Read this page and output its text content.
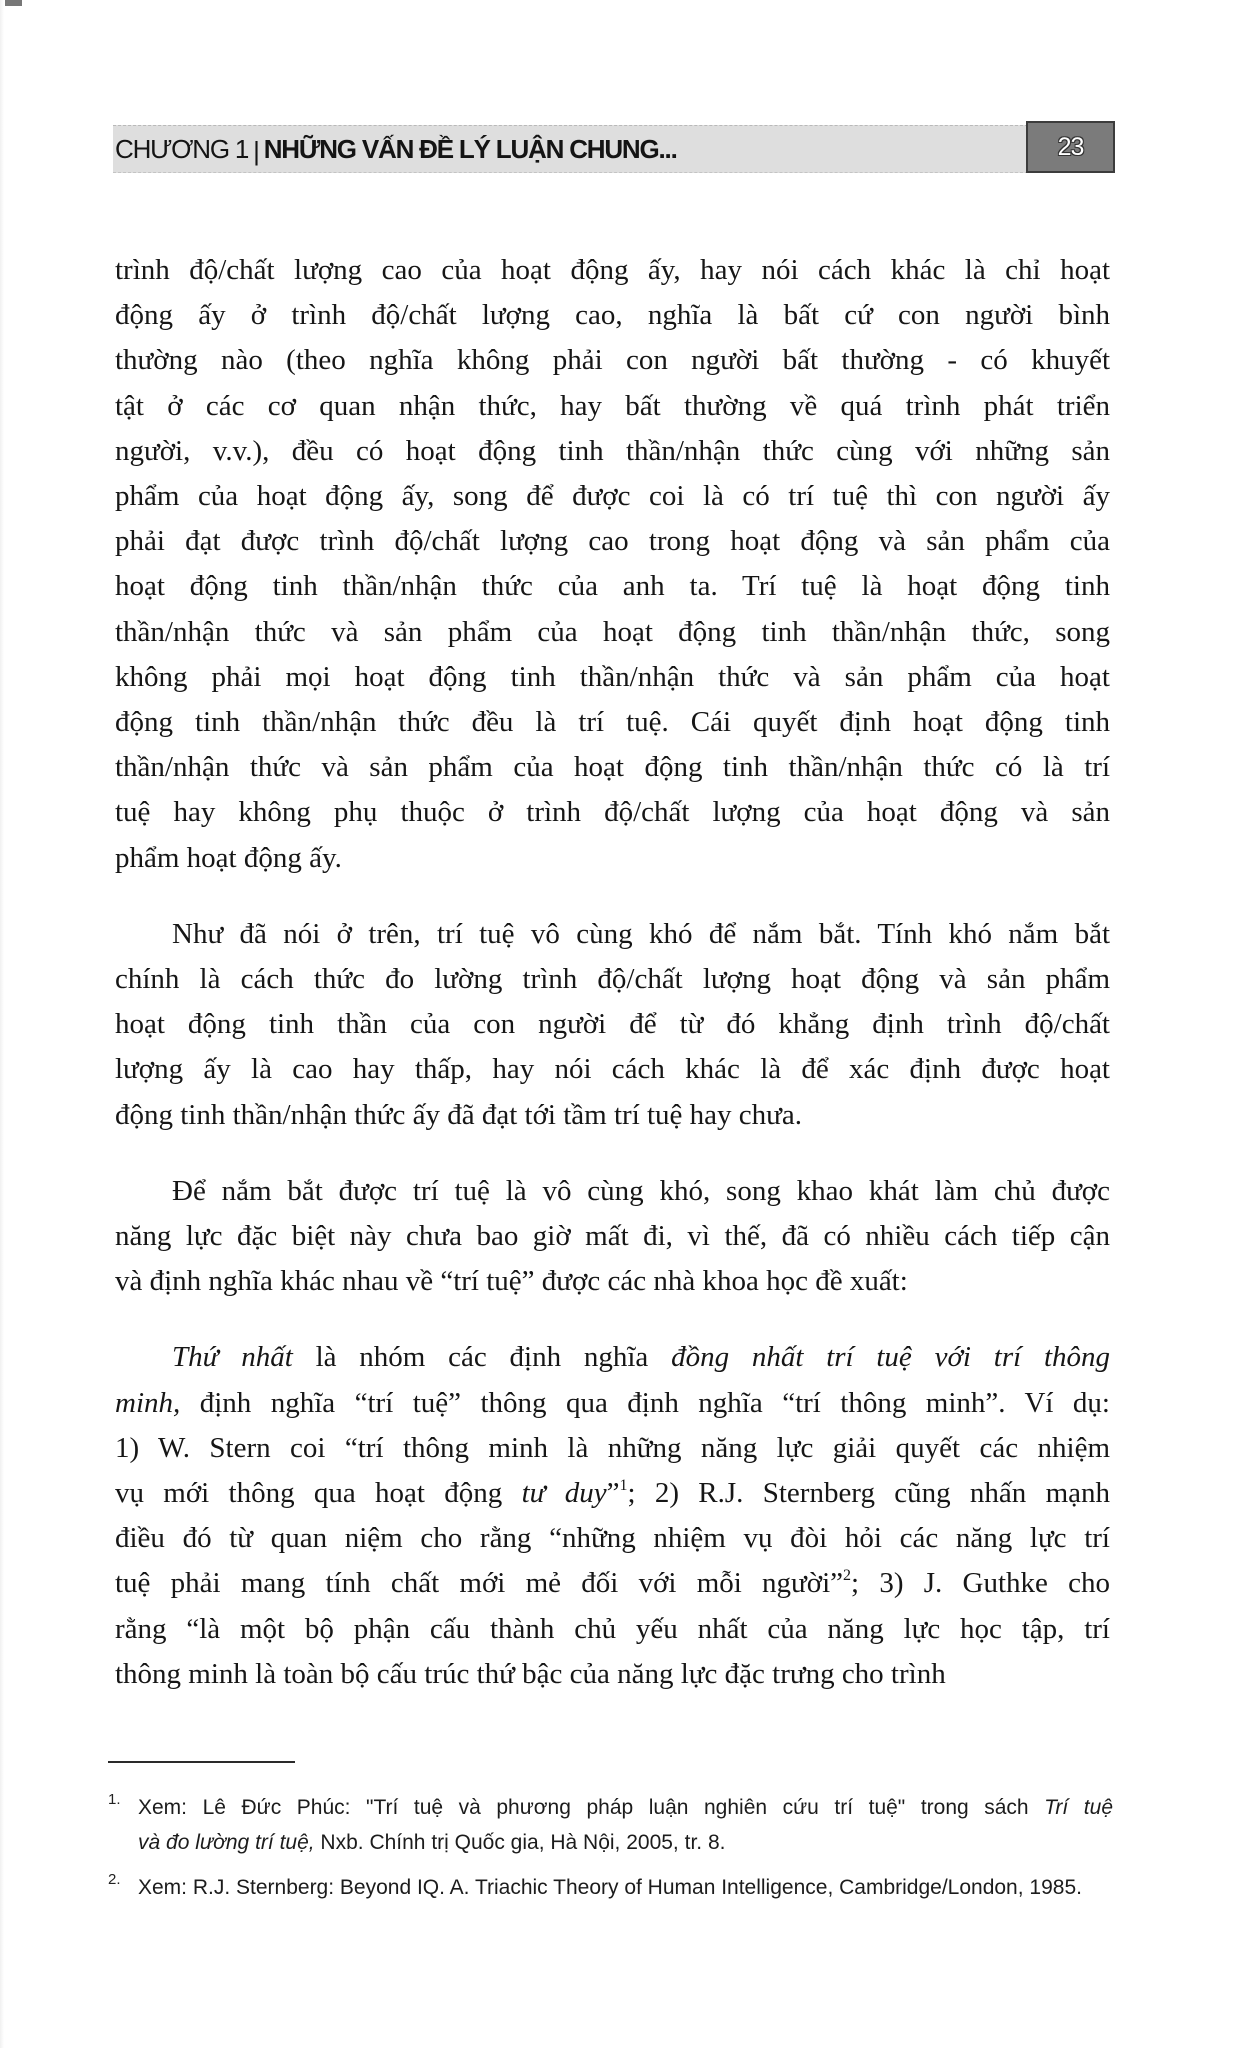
CHƯƠNG 1 | NHỮNG VẤN ĐỀ LÝ LUẬN CHUNG...	23
trình độ/chất lượng cao của hoạt động ấy, hay nói cách khác là chỉ hoạt
động ấy ở trình độ/chất lượng cao, nghĩa là bất cứ con người bình
thường nào (theo nghĩa không phải con người bất thường - có khuyết
tật ở các cơ quan nhận thức, hay bất thường về quá trình phát triển
người, v.v.), đều có hoạt động tinh thần/nhận thức cùng với những sản
phẩm của hoạt động ấy, song để được coi là có trí tuệ thì con người ấy
phải đạt được trình độ/chất lượng cao trong hoạt động và sản phẩm của
hoạt động tinh thần/nhận thức của anh ta. Trí tuệ là hoạt động tinh
thần/nhận thức và sản phẩm của hoạt động tinh thần/nhận thức, song
không phải mọi hoạt động tinh thần/nhận thức và sản phẩm của hoạt
động tinh thần/nhận thức đều là trí tuệ. Cái quyết định hoạt động tinh
thần/nhận thức và sản phẩm của hoạt động tinh thần/nhận thức có là trí
tuệ hay không phụ thuộc ở trình độ/chất lượng của hoạt động và sản
phẩm hoạt động ấy.
Như đã nói ở trên, trí tuệ vô cùng khó để nắm bắt. Tính khó nắm bắt
chính là cách thức đo lường trình độ/chất lượng hoạt động và sản phẩm
hoạt động tinh thần của con người để từ đó khẳng định trình độ/chất
lượng ấy là cao hay thấp, hay nói cách khác là để xác định được hoạt
động tinh thần/nhận thức ấy đã đạt tới tầm trí tuệ hay chưa.
Để nắm bắt được trí tuệ là vô cùng khó, song khao khát làm chủ được
năng lực đặc biệt này chưa bao giờ mất đi, vì thế, đã có nhiều cách tiếp cận
và định nghĩa khác nhau về “trí tuệ” được các nhà khoa học đề xuất:
Thứ nhất là nhóm các định nghĩa đồng nhất trí tuệ với trí thông
minh, định nghĩa “trí tuệ” thông qua định nghĩa “trí thông minh”. Ví dụ:
1) W. Stern coi “trí thông minh là những năng lực giải quyết các nhiệm
vụ mới thông qua hoạt động tư duy”$^1$; 2) R.J. Sternberg cũng nhấn mạnh
điều đó từ quan niệm cho rằng “những nhiệm vụ đòi hỏi các năng lực trí
tuệ phải mang tính chất mới mẻ đối với mỗi người”$^2$; 3) J. Guthke cho
rằng “là một bộ phận cấu thành chủ yếu nhất của năng lực học tập, trí
thông minh là toàn bộ cấu trúc thứ bậc của năng lực đặc trưng cho trình
1. Xem: Lê Đức Phúc: "Trí tuệ và phương pháp luận nghiên cứu trí tuệ" trong sách Trí tuệ
và đo lường trí tuệ, Nxb. Chính trị Quốc gia, Hà Nội, 2005, tr. 8.
2. Xem: R.J. Sternberg: Beyond IQ. A. Triachic Theory of Human Intelligence, Cambridge/London, 1985.
